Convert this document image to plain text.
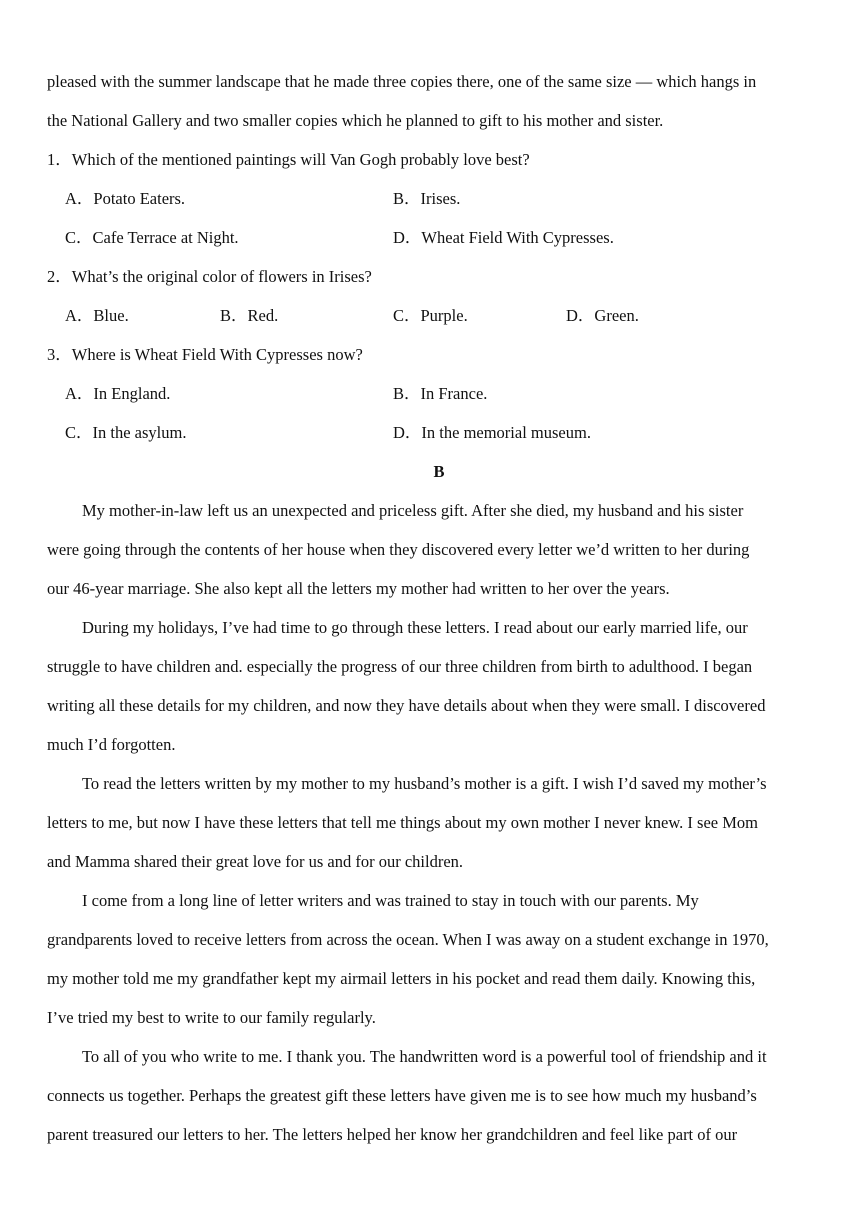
pleased with the summer landscape that he made three copies there, one of the same size — which hangs in
the National Gallery and two smaller copies which he planned to gift to his mother and sister.
1．Which of the mentioned paintings will Van Gogh probably love best?
A．Potato Eaters.	B．Irises.
C．Cafe Terrace at Night.	D．Wheat Field With Cypresses.
2．What’s the original color of flowers in Irises?
A．Blue.	B．Red.	C．Purple.	D．Green.
3．Where is Wheat Field With Cypresses now?
A．In England.	B．In France.
C．In the asylum.	D．In the memorial museum.
B
My mother-in-law left us an unexpected and priceless gift. After she died, my husband and his sister
were going through the contents of her house when they discovered every letter we’d written to her during
our 46-year marriage. She also kept all the letters my mother had written to her over the years.
During my holidays, I’ve had time to go through these letters. I read about our early married life, our
struggle to have children and. especially the progress of our three children from birth to adulthood. I began
writing all these details for my children, and now they have details about when they were small. I discovered
much I’d forgotten.
To read the letters written by my mother to my husband’s mother is a gift. I wish I’d saved my mother’s
letters to me, but now I have these letters that tell me things about my own mother I never knew. I see Mom
and Mamma shared their great love for us and for our children.
I come from a long line of letter writers and was trained to stay in touch with our parents. My
grandparents loved to receive letters from across the ocean. When I was away on a student exchange in 1970,
my mother told me my grandfather kept my airmail letters in his pocket and read them daily. Knowing this,
I’ve tried my best to write to our family regularly.
To all of you who write to me. I thank you. The handwritten word is a powerful tool of friendship and it
connects us together. Perhaps the greatest gift these letters have given me is to see how much my husband’s
parent treasured our letters to her. The letters helped her know her grandchildren and feel like part of our
